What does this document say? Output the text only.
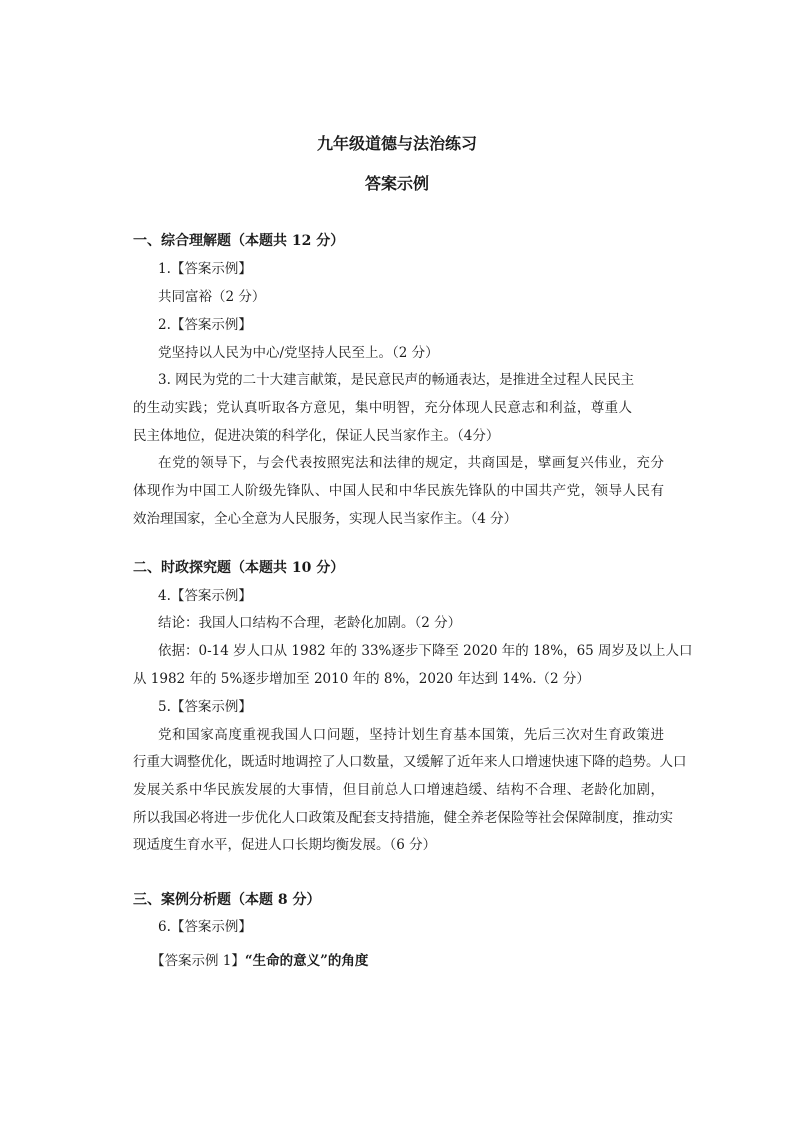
九年级道德与法治练习
答案示例
一、综合理解题（本题共 12 分）
1.【答案示例】
共同富裕（2 分）
2.【答案示例】
党坚持以人民为中心/党坚持人民至上。（2 分）
3. 网民为党的二十大建言献策，是民意民声的畅通表达，是推进全过程人民民主
的生动实践；党认真听取各方意见，集中明智，充分体现人民意志和利益，尊重人
民主体地位，促进决策的科学化，保证人民当家作主。（4分）
在党的领导下，与会代表按照宪法和法律的规定，共商国是，擘画复兴伟业，充分
体现作为中国工人阶级先锋队、中国人民和中华民族先锋队的中国共产党，领导人民有
效治理国家，全心全意为人民服务，实现人民当家作主。（4 分）
二、时政探究题（本题共 10 分）
4.【答案示例】
结论：我国人口结构不合理，老龄化加剧。（2 分）
依据：0-14 岁人口从 1982 年的 33%逐步下降至 2020 年的 18%，65 周岁及以上人口
从 1982 年的 5%逐步增加至 2010 年的 8%，2020 年达到 14%.（2 分）
5.【答案示例】
党和国家高度重视我国人口问题，坚持计划生育基本国策，先后三次对生育政策进
行重大调整优化，既适时地调控了人口数量，又缓解了近年来人口增速快速下降的趋势。人口
发展关系中华民族发展的大事情，但目前总人口增速趋缓、结构不合理、老龄化加剧，
所以我国必将进一步优化人口政策及配套支持措施，健全养老保险等社会保障制度，推动实
现适度生育水平，促进人口长期均衡发展。（6 分）
三、案例分析题（本题 8 分）
6.【答案示例】
【答案示例 1】“生命的意义”的角度
